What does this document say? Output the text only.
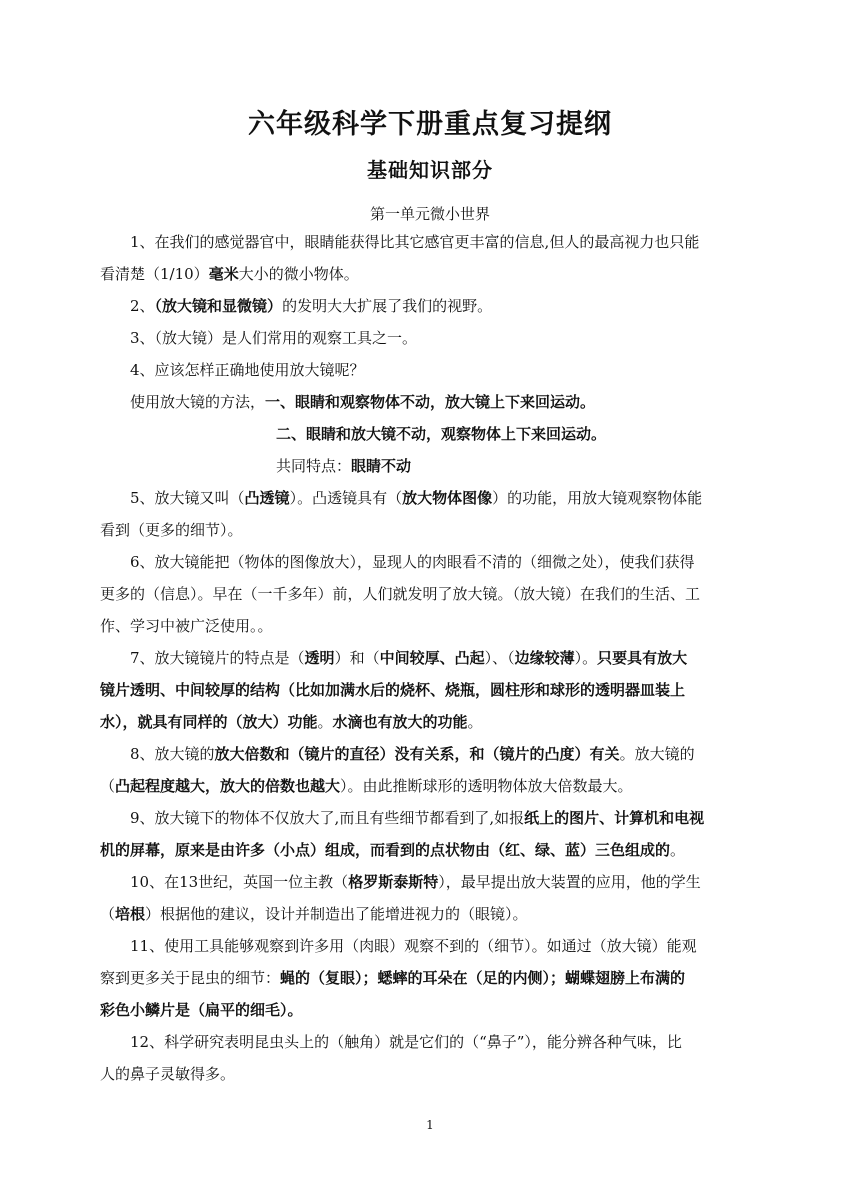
六年级科学下册重点复习提纲
基础知识部分
第一单元微小世界
1、在我们的感觉器官中，眼睛能获得比其它感官更丰富的信息,但人的最高视力也只能
看清楚（1/10）毫米大小的微小物体。
2、（放大镜和显微镜）的发明大大扩展了我们的视野。
3、（放大镜）是人们常用的观察工具之一。
4、应该怎样正确地使用放大镜呢？
使用放大镜的方法，一、眼睛和观察物体不动，放大镜上下来回运动。
二、眼睛和放大镜不动，观察物体上下来回运动。
共同特点：眼睛不动
5、放大镜又叫（凸透镜）。凸透镜具有（放大物体图像）的功能，用放大镜观察物体能
看到（更多的细节）。
6、放大镜能把（物体的图像放大），显现人的肉眼看不清的（细微之处），使我们获得
更多的（信息）。早在（一千多年）前，人们就发明了放大镜。（放大镜）在我们的生活、工
作、学习中被广泛使用。。
7、放大镜镜片的特点是（透明）和（中间较厚、凸起）、（边缘较薄）。只要具有放大
镜片透明、中间较厚的结构（比如加满水后的烧杯、烧瓶，圆柱形和球形的透明器皿装上
水），就具有同样的（放大）功能。水滴也有放大的功能。
8、放大镜的放大倍数和（镜片的直径）没有关系，和（镜片的凸度）有关。放大镜的
（凸起程度越大，放大的倍数也越大）。由此推断球形的透明物体放大倍数最大。
9、放大镜下的物体不仅放大了,而且有些细节都看到了,如报纸上的图片、计算机和电视
机的屏幕，原来是由许多（小点）组成，而看到的点状物由（红、绿、蓝）三色组成的。
10、在13世纪，英国一位主教（格罗斯泰斯特），最早提出放大装置的应用，他的学生
（培根）根据他的建议，设计并制造出了能增进视力的（眼镜）。
11、使用工具能够观察到许多用（肉眼）观察不到的（细节）。如通过（放大镜）能观
察到更多关于昆虫的细节：蝇的（复眼）；蟋蟀的耳朵在（足的内侧）；蝴蝶翅膀上布满的
彩色小鳞片是（扁平的细毛）。
12、科学研究表明昆虫头上的（触角）就是它们的（“鼻子”），能分辨各种气味，比
人的鼻子灵敏得多。
1
